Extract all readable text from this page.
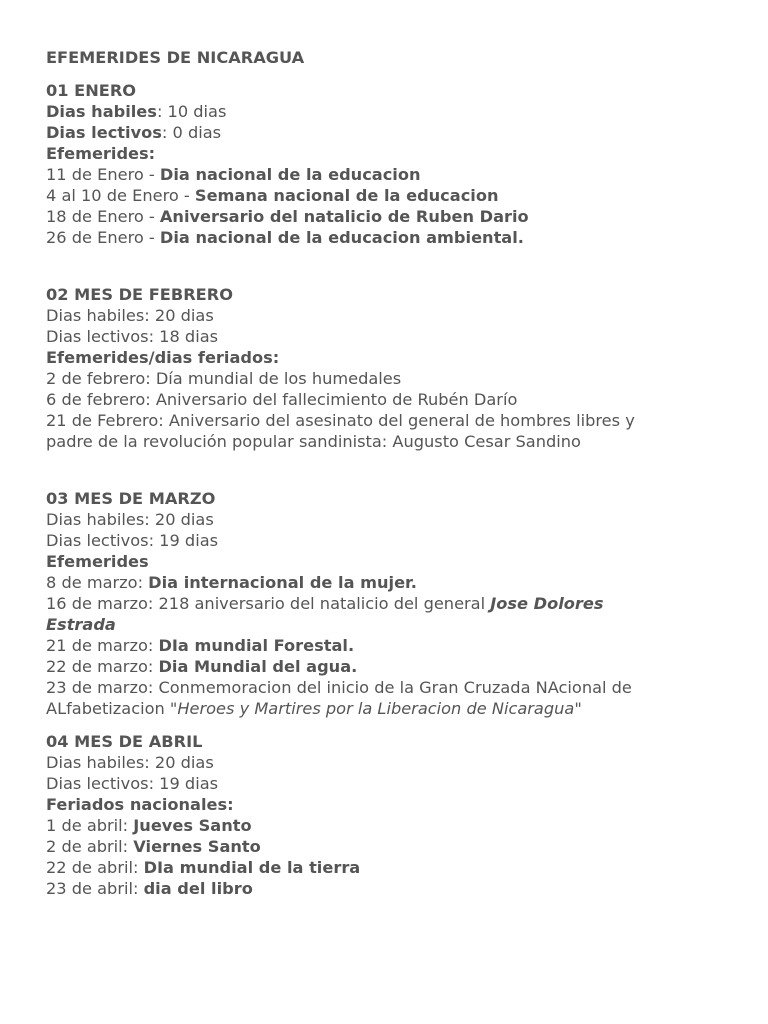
EFEMERIDES DE NICARAGUA
01 ENERO
Dias habiles: 10 dias
Dias lectivos: 0 dias
Efemerides:
11 de Enero - Dia nacional de la educacion
4 al 10 de Enero - Semana nacional de la educacion
18 de Enero - Aniversario del natalicio de Ruben Dario
26 de Enero - Dia nacional de la educacion ambiental.
02 MES DE FEBRERO
Dias habiles: 20 dias
Dias lectivos: 18 dias
Efemerides/dias feriados:
2 de febrero: Día mundial de los humedales
6 de febrero: Aniversario del fallecimiento de Rubén Darío
21 de Febrero: Aniversario del asesinato del general de hombres libres y
padre de la revolución popular sandinista: Augusto Cesar Sandino
03 MES DE MARZO
Dias habiles: 20 dias
Dias lectivos: 19 dias
Efemerides
8 de marzo: Dia internacional de la mujer.
16 de marzo: 218 aniversario del natalicio del general Jose Dolores
Estrada
21 de marzo: DIa mundial Forestal.
22 de marzo: Dia Mundial del agua.
23 de marzo: Conmemoracion del inicio de la Gran Cruzada NAcional de
ALfabetizacion "Heroes y Martires por la Liberacion de Nicaragua"
04 MES DE ABRIL
Dias habiles: 20 dias
Dias lectivos: 19 dias
Feriados nacionales:
1 de abril: Jueves Santo
2 de abril: Viernes Santo
22 de abril: DIa mundial de la tierra
23 de abril: dia del libro
